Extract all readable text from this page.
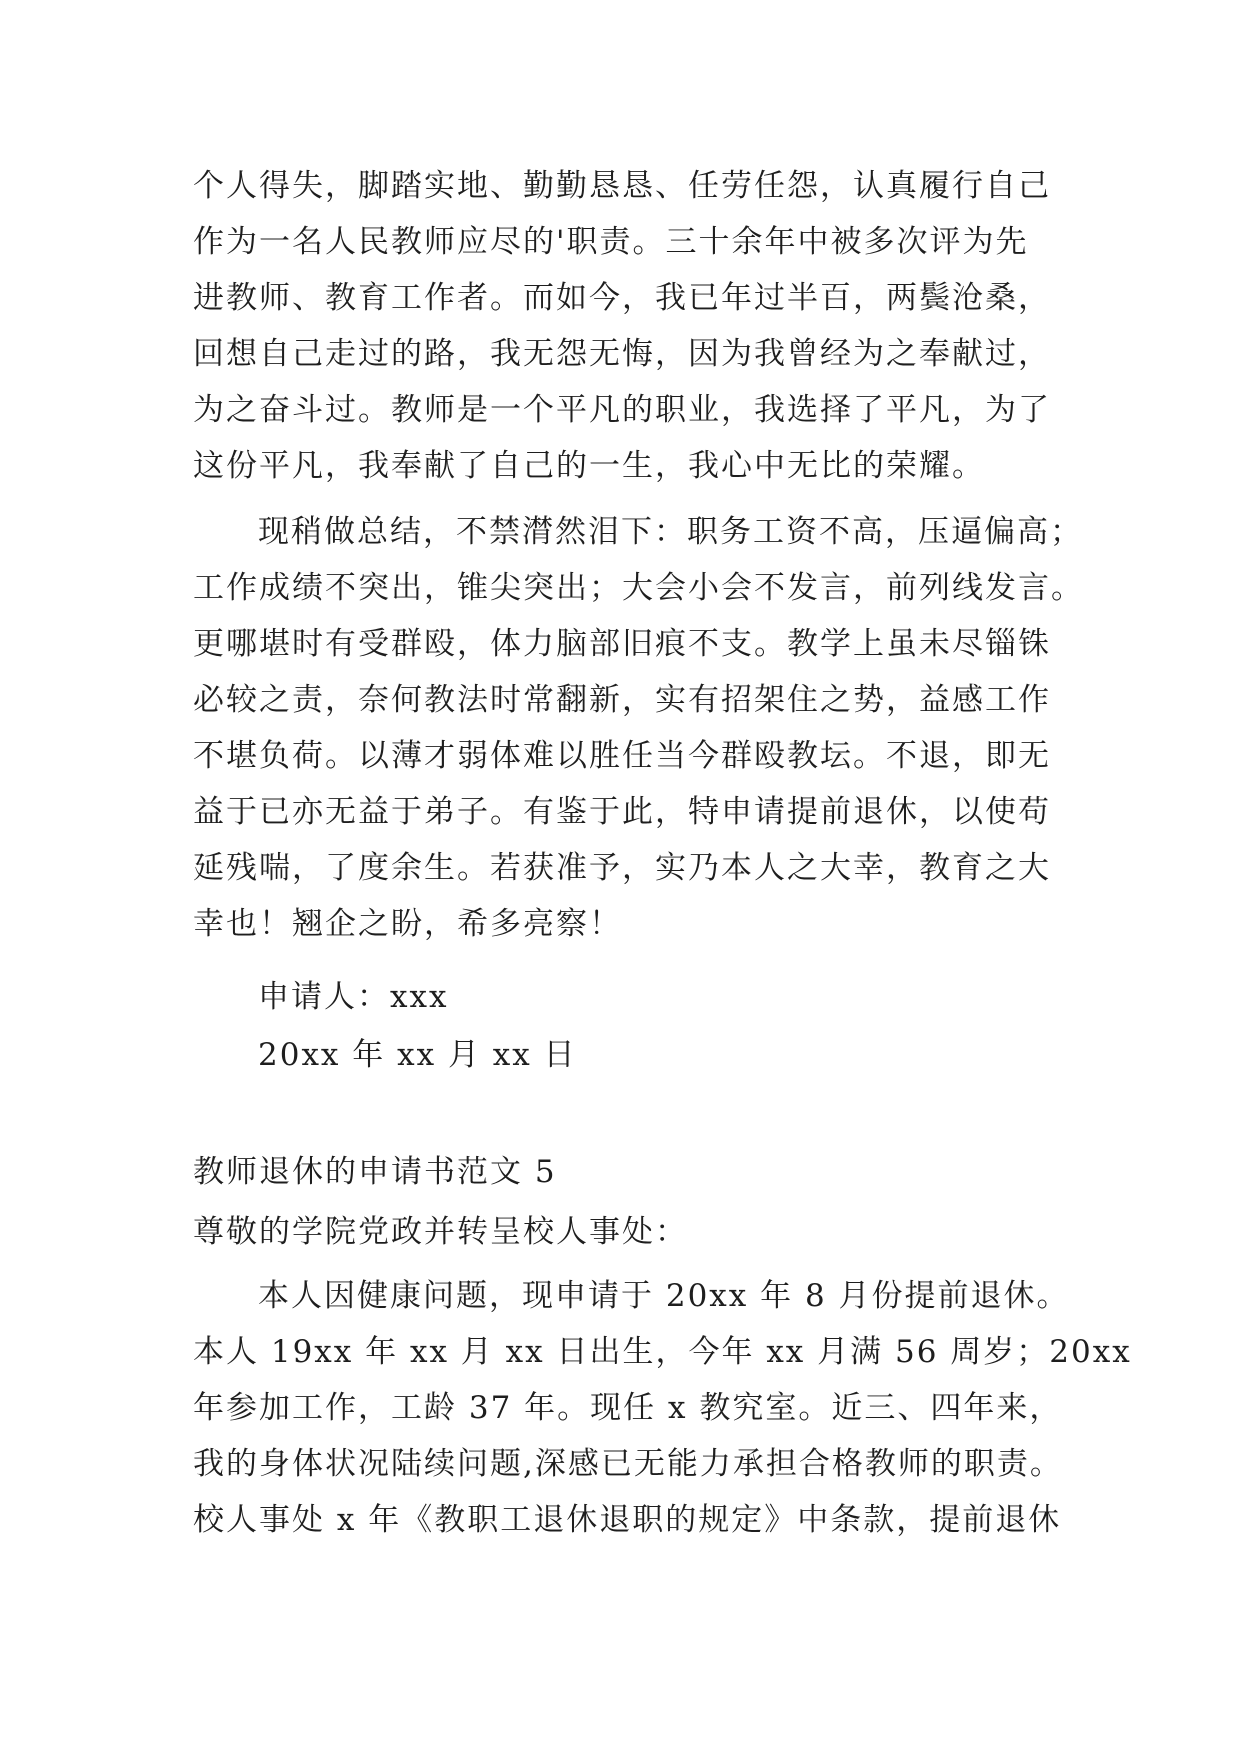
个人得失，脚踏实地、勤勤恳恳、任劳任怨，认真履行自己
作为一名人民教师应尽的'职责。三十余年中被多次评为先
进教师、教育工作者。而如今，我已年过半百，两鬓沧桑，
回想自己走过的路，我无怨无悔，因为我曾经为之奉献过，
为之奋斗过。教师是一个平凡的职业，我选择了平凡，为了
这份平凡，我奉献了自己的一生，我心中无比的荣耀。
现稍做总结，不禁潸然泪下：职务工资不高，压逼偏高；
工作成绩不突出，锥尖突出；大会小会不发言，前列线发言。
更哪堪时有受群殴，体力脑部旧痕不支。教学上虽未尽锱铢
必较之责，奈何教法时常翻新，实有招架住之势，益感工作
不堪负荷。以薄才弱体难以胜任当今群殴教坛。不退，即无
益于已亦无益于弟子。有鉴于此，特申请提前退休，以使苟
延残喘，了度余生。若获准予，实乃本人之大幸，教育之大
幸也！翘企之盼，希多亮察！
申请人：xxx
20xx 年 xx 月 xx 日
教师退休的申请书范文 5
尊敬的学院党政并转呈校人事处：
本人因健康问题，现申请于 20xx 年 8 月份提前退休。
本人 19xx 年 xx 月 xx 日出生，今年 xx 月满 56 周岁；20xx
年参加工作，工龄 37 年。现任 x 教究室。近三、四年来，
我的身体状况陆续问题,深感已无能力承担合格教师的职责。
校人事处 x 年《教职工退休退职的规定》中条款，提前退休
